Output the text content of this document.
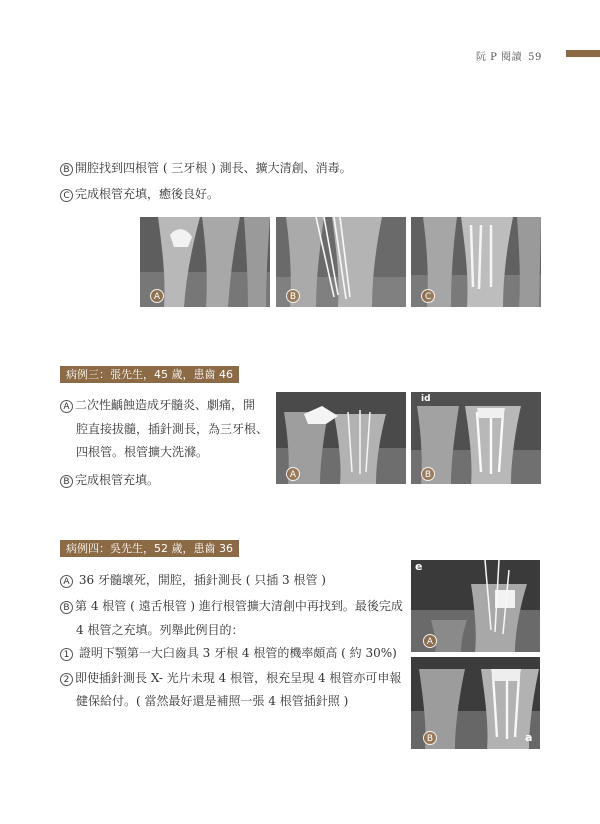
阮 P 閱讀 59
B 開腔找到四根管 ( 三牙根 ) 測長、擴大清創、消毒。
C 完成根管充填，癒後良好。
A	B	C
病例三：張先生，45 歲，患齒 46
A 二次性齲蝕造成牙髓炎、劇痛，開
腔直接拔髓，插針測長，為三牙根、
四根管。根管擴大洗滌。
B 完成根管充填。	A
id
B
病例四：吳先生，52 歲，患齒 36
A 36 牙髓壞死，開腔，插針測長 ( 只插 3 根管 )
B 第 4 根管 ( 遠舌根管 ) 進行根管擴大清創中再找到。最後完成
4 根管之充填。列舉此例目的：
1 證明下顎第一大臼齒具 3 牙根 4 根管的機率頗高 ( 約 30%)
2 即使插針測長 X- 光片未現 4 根管，根充呈現 4 根管亦可申報
健保給付。( 當然最好還是補照一張 4 根管插針照 )
e
A
a
B
